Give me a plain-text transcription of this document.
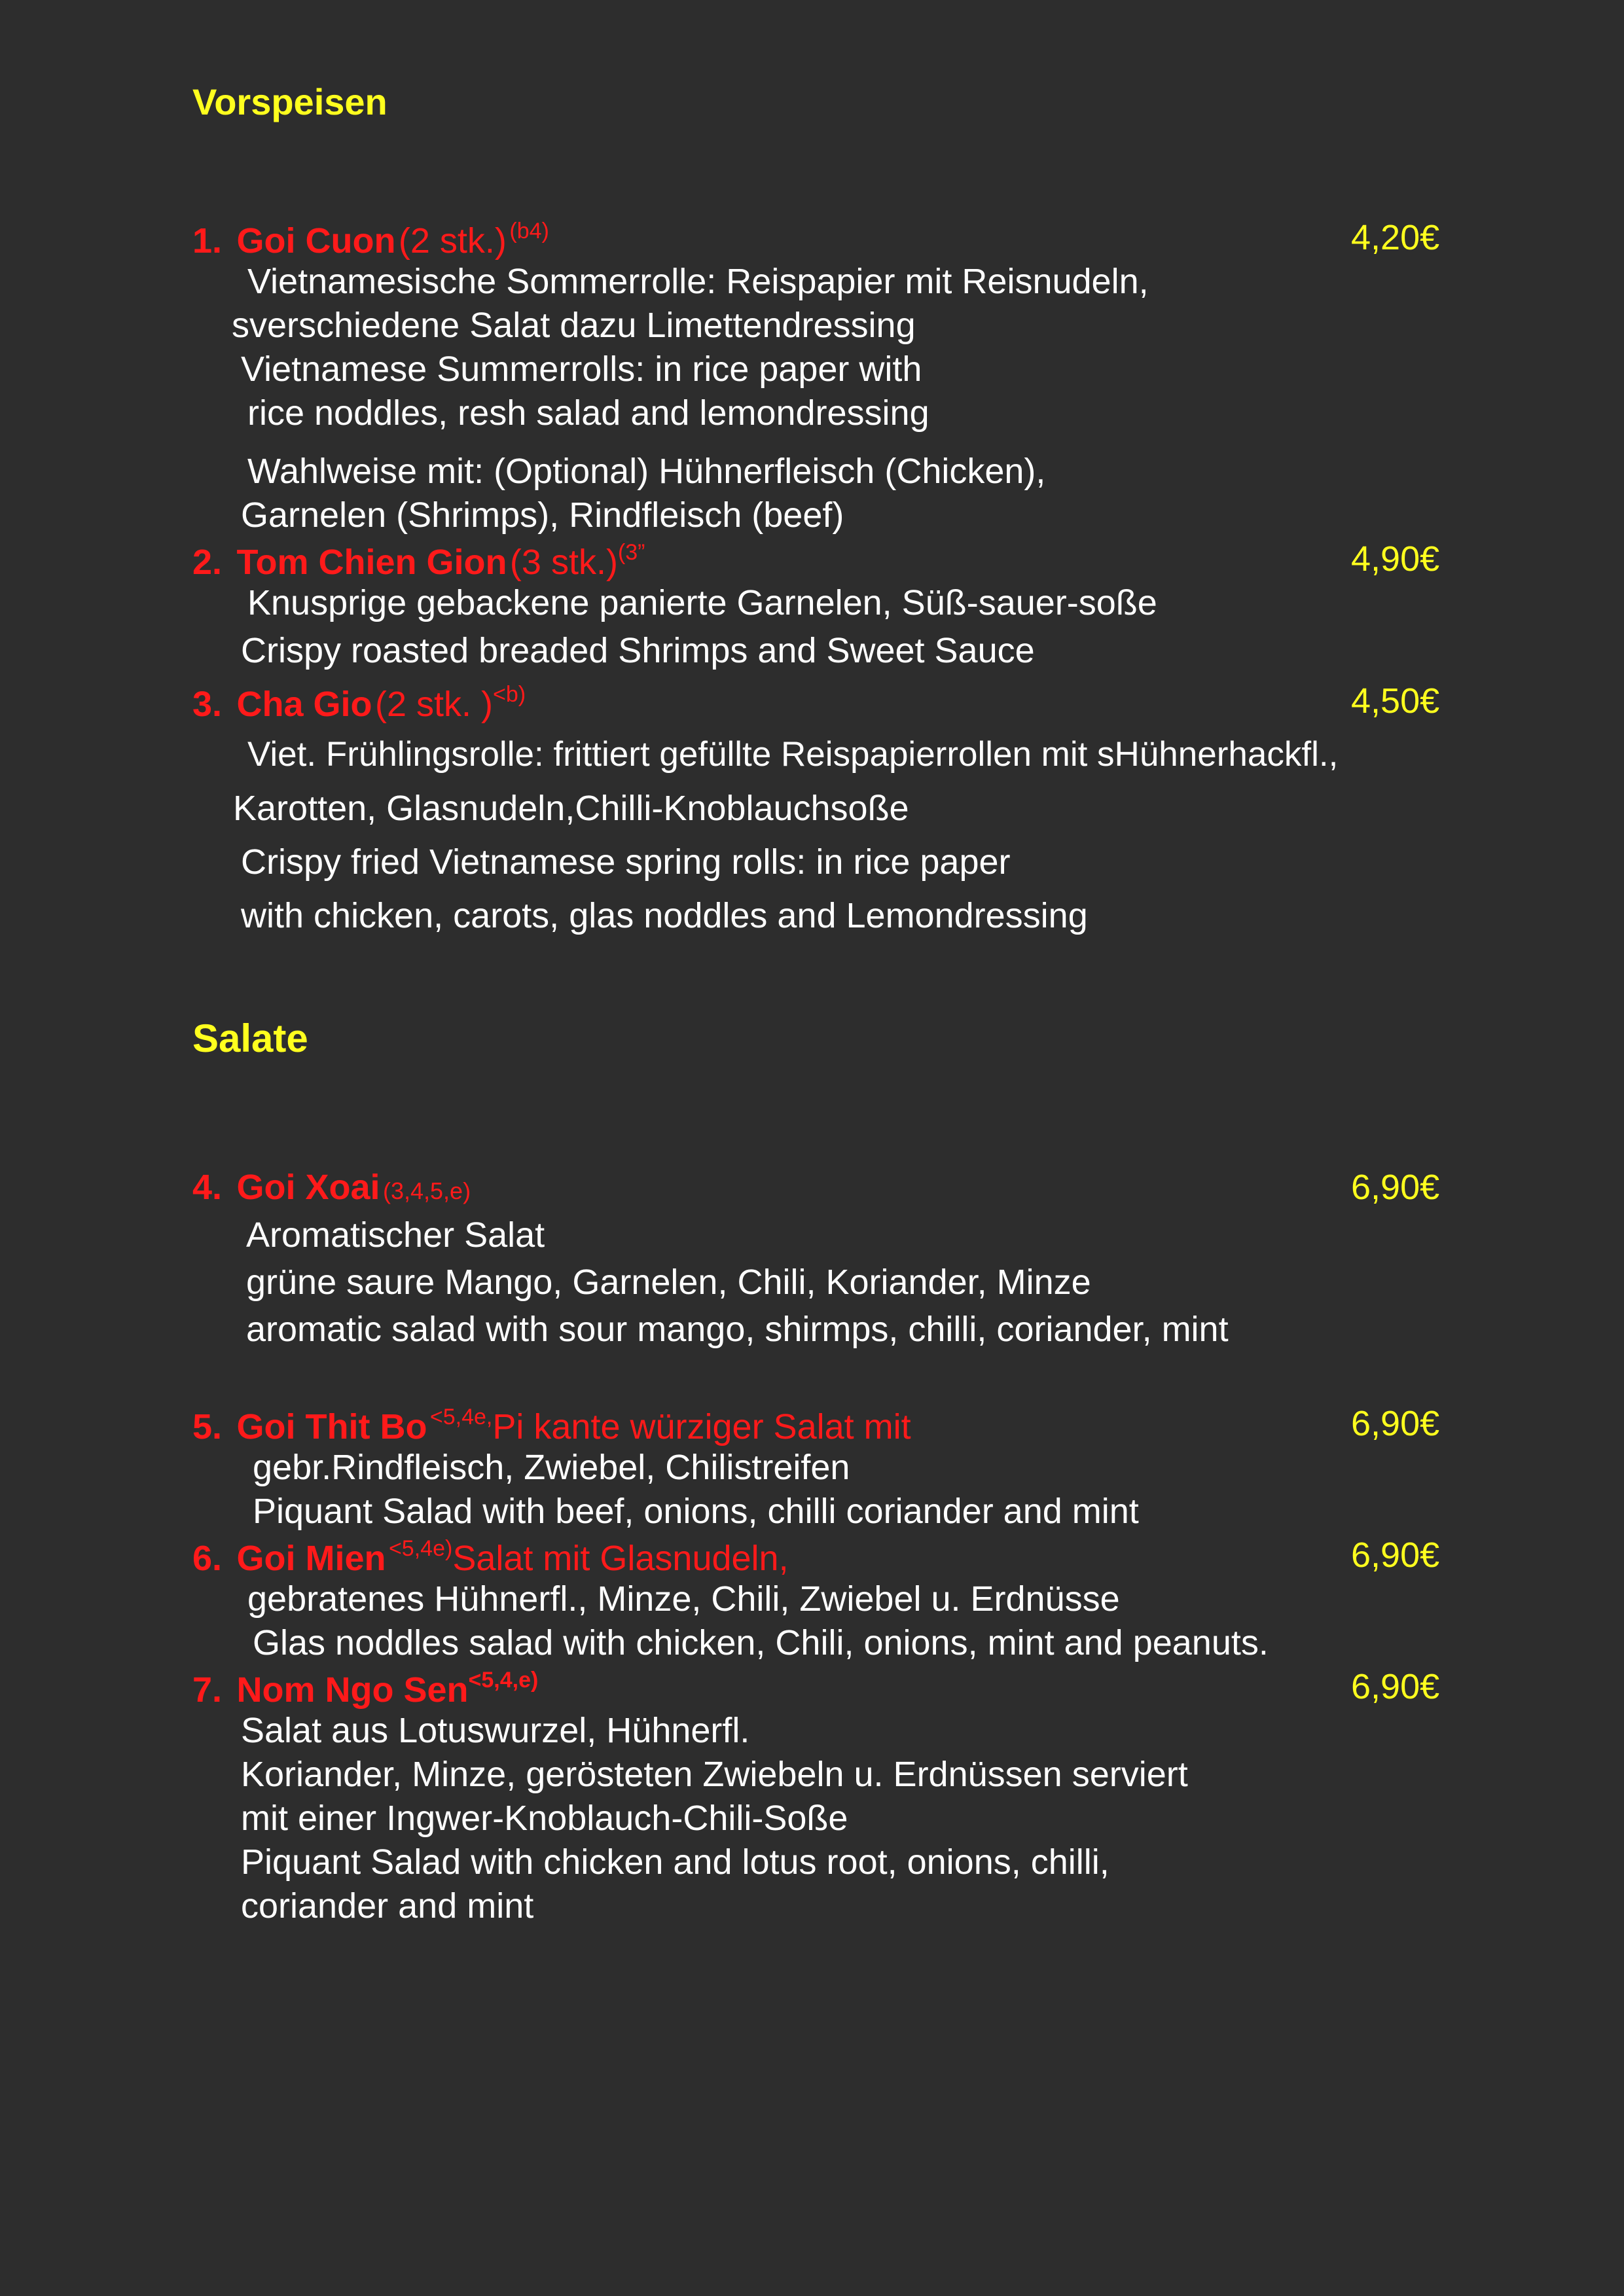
Vorspeisen
1. Goi Cuon (2 stk.) (b4)	4,20€
Vietnamesische Sommerrolle: Reispapier mit Reisnudeln,
sverschiedene Salat dazu Limettendressing
Vietnamese Summerrolls: in rice paper with
rice noddles, resh salad and lemondressing
Wahlweise mit: (Optional) Hühnerfleisch (Chicken),
Garnelen (Shrimps), Rindfleisch (beef)
2. Tom Chien Gion (3 stk.)(3”	4,90€
Knusprige gebackene panierte Garnelen, Süß-sauer-soße
Crispy roasted breaded Shrimps and Sweet Sauce
3. Cha Gio (2 stk. )<b)	4,50€
Viet. Frühlingsrolle: frittiert gefüllte Reispapierrollen mit sHühnerhackfl.,
Karotten, Glasnudeln,Chilli-Knoblauchsoße
Crispy fried Vietnamese spring rolls: in rice paper
with chicken, carots, glas noddles and Lemondressing
Salate
4. Goi Xoai (3,4,5,e)	6,90€
Aromatischer Salat
grüne saure Mango, Garnelen, Chili, Koriander, Minze
aromatic salad with sour mango, shirmps, chilli, coriander, mint
5. Goi Thit Bo <5,4e,Pi kante würziger Salat mit	6,90€
gebr.Rindfleisch, Zwiebel, Chilistreifen
Piquant Salad with beef, onions, chilli coriander and mint
6. Goi Mien <5,4e)Salat mit Glasnudeln,	6,90€
gebratenes Hühnerfl., Minze, Chili, Zwiebel u. Erdnüsse
Glas noddles salad with chicken, Chili, onions, mint and peanuts.
7. Nom Ngo Sen<5,4,e)	6,90€
Salat aus Lotuswurzel, Hühnerfl.
Koriander, Minze, gerösteten Zwiebeln u. Erdnüssen serviert
mit einer Ingwer-Knoblauch-Chili-Soße
Piquant Salad with chicken and lotus root, onions, chilli,
coriander and mint
